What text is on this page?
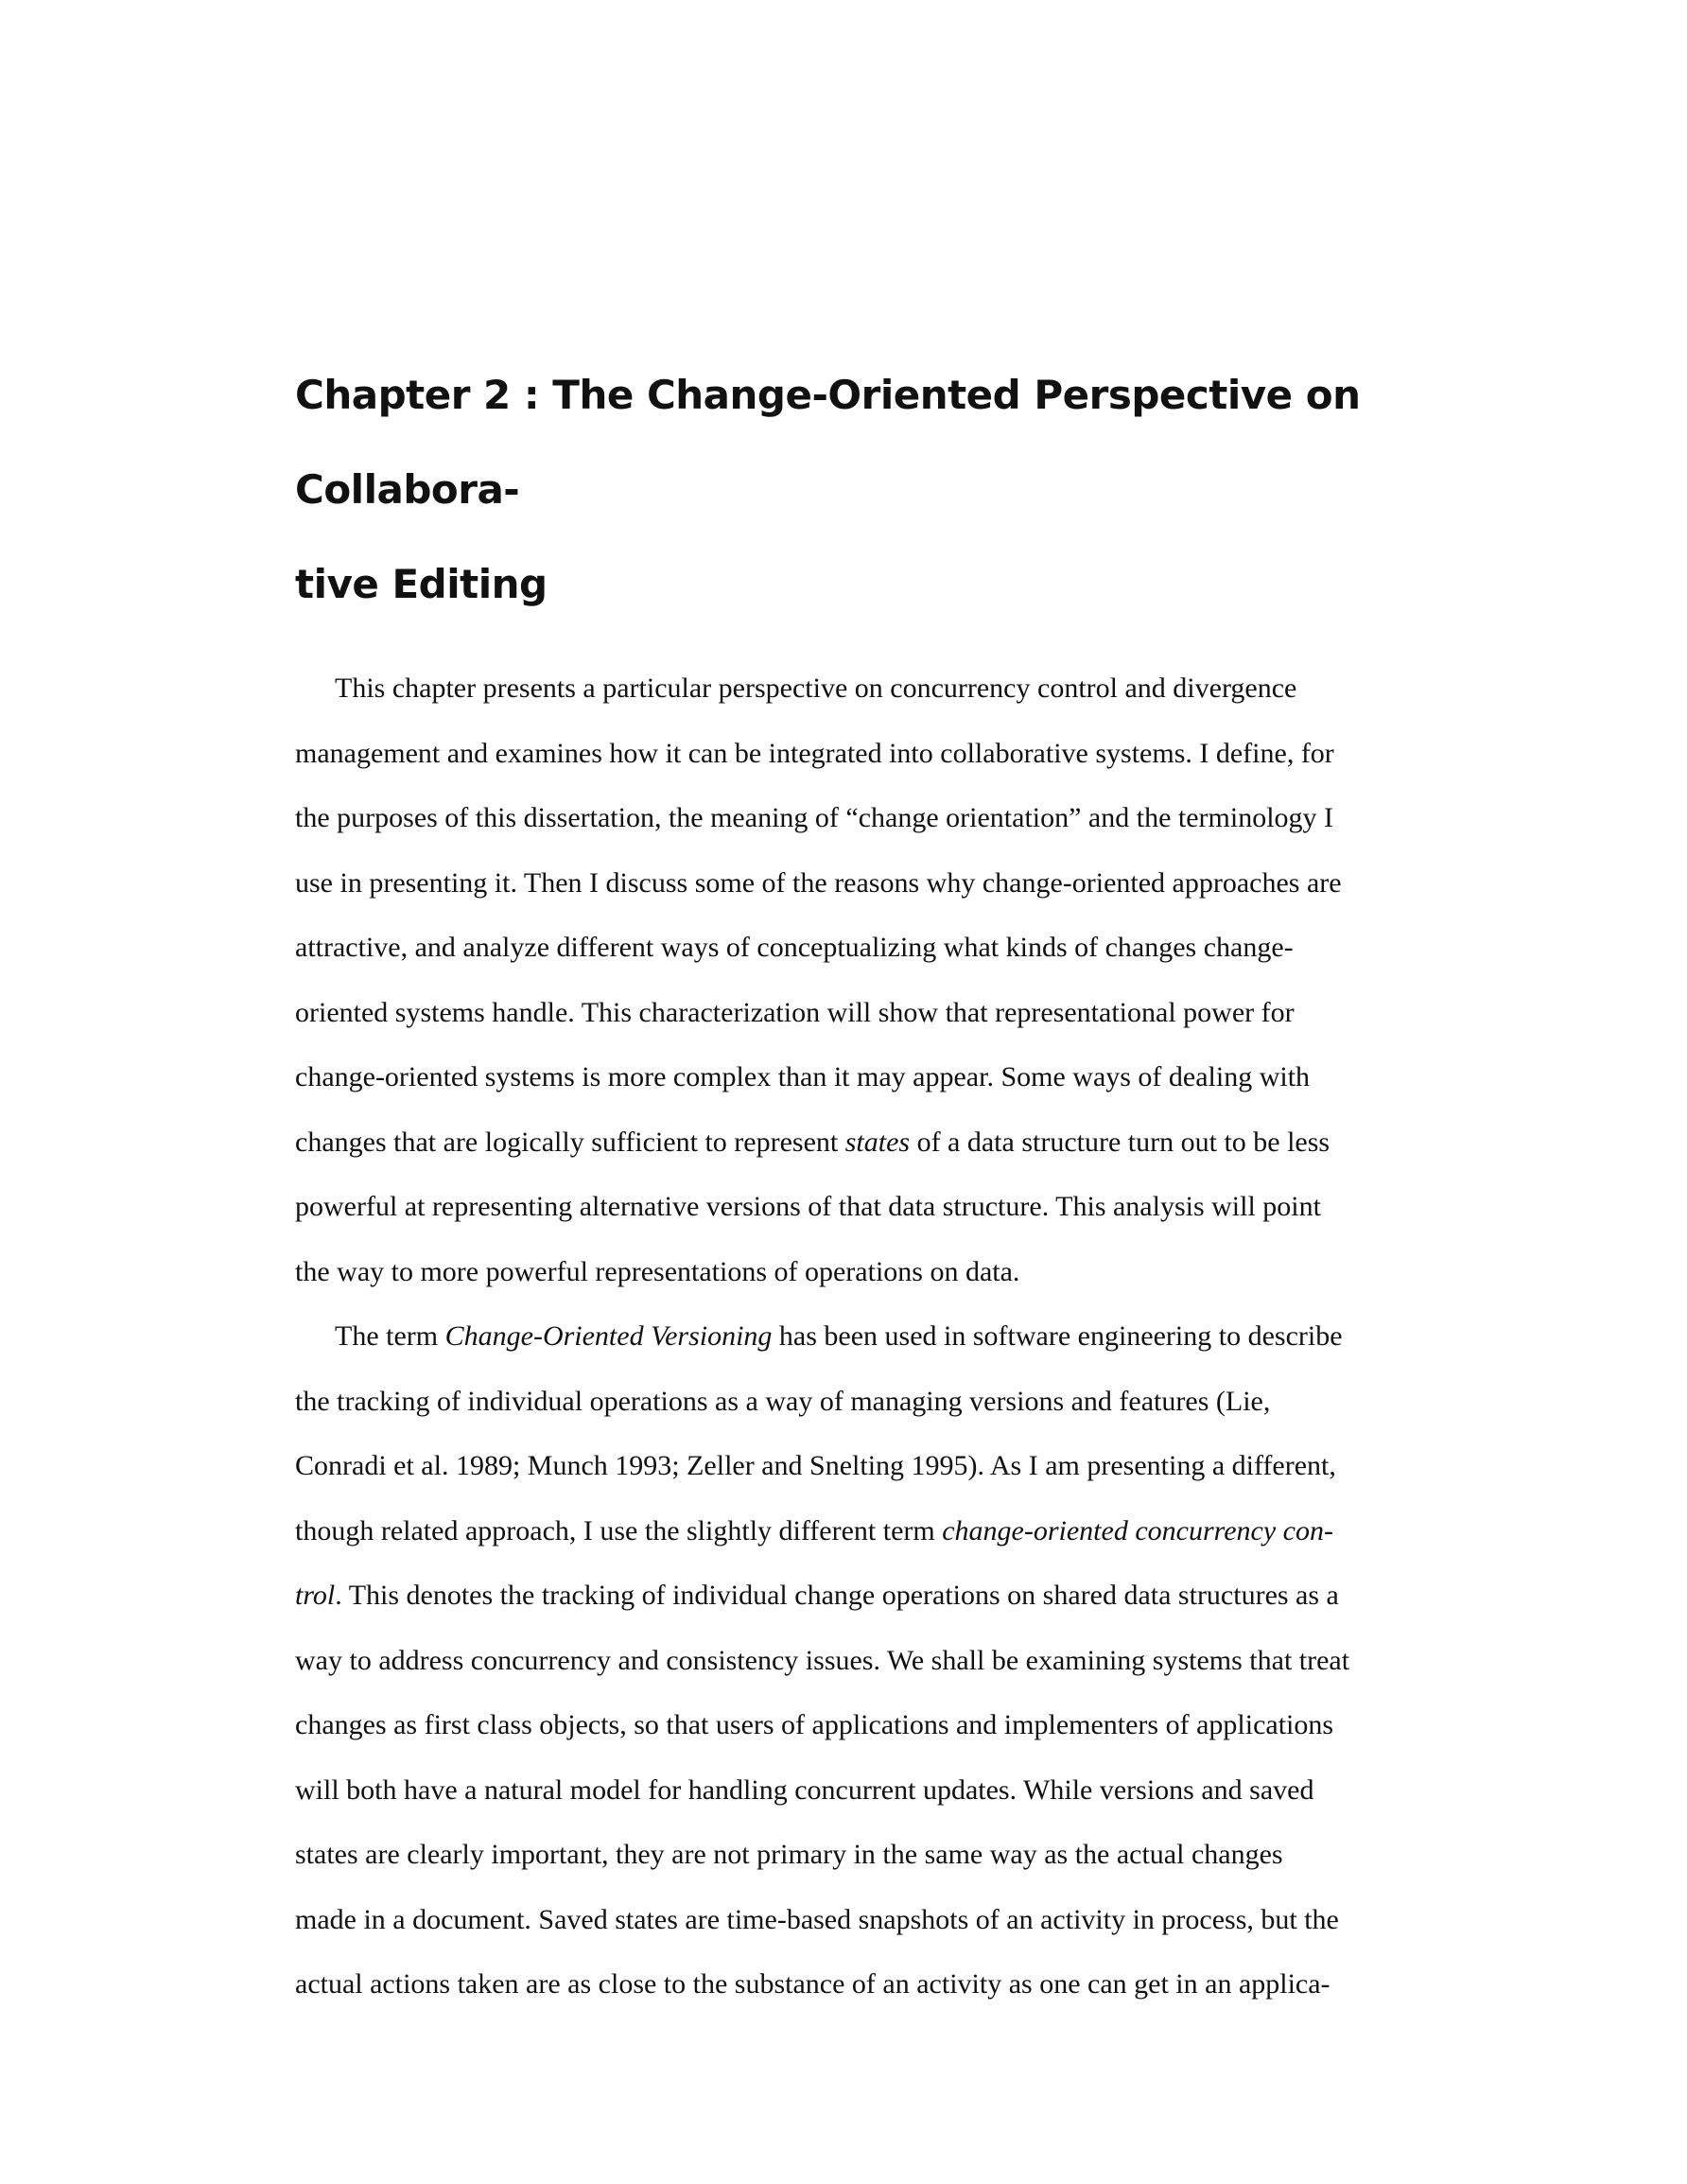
Chapter 2 : The Change-Oriented Perspective on Collabora-
tive Editing
This chapter presents a particular perspective on concurrency control and divergence
management and examines how it can be integrated into collaborative systems. I define, for
the purposes of this dissertation, the meaning of “change orientation” and the terminology I
use in presenting it. Then I discuss some of the reasons why change-oriented approaches are
attractive, and analyze different ways of conceptualizing what kinds of changes change-
oriented systems handle. This characterization will show that representational power for
change-oriented systems is more complex than it may appear. Some ways of dealing with
changes that are logically sufficient to represent states of a data structure turn out to be less
powerful at representing alternative versions of that data structure. This analysis will point
the way to more powerful representations of operations on data.
The term Change-Oriented Versioning has been used in software engineering to describe
the tracking of individual operations as a way of managing versions and features (Lie,
Conradi et al. 1989; Munch 1993; Zeller and Snelting 1995). As I am presenting a different,
though related approach, I use the slightly different term change-oriented concurrency con-
trol. This denotes the tracking of individual change operations on shared data structures as a
way to address concurrency and consistency issues. We shall be examining systems that treat
changes as first class objects, so that users of applications and implementers of applications
will both have a natural model for handling concurrent updates. While versions and saved
states are clearly important, they are not primary in the same way as the actual changes
made in a document. Saved states are time-based snapshots of an activity in process, but the
actual actions taken are as close to the substance of an activity as one can get in an applica-
